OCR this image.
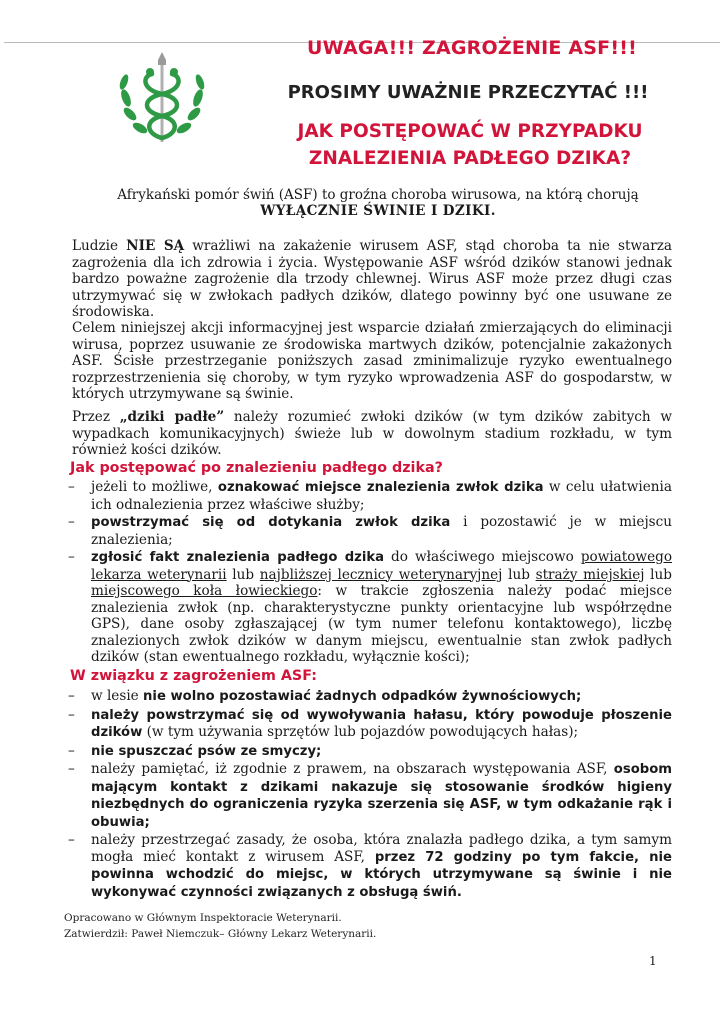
UWAGA!!! ZAGROŻENIE ASF!!!
PROSIMY UWAŻNIE PRZECZYTAĆ !!!
JAK POSTĘPOWAĆ W PRZYPADKU
ZNALEZIENIA PADŁEGO DZIKA?
Afrykański pomór świń (ASF) to groźna choroba wirusowa, na którą chorują
WYŁĄCZNIE ŚWINIE I DZIKI.
Ludzie NIE SĄ wrażliwi na zakażenie wirusem ASF, stąd choroba ta nie stwarza zagrożenia dla ich zdrowia i życia. Występowanie ASF wśród dzików stanowi jednak bardzo poważne zagrożenie dla trzody chlewnej. Wirus ASF może przez długi czas utrzymywać się w zwłokach padłych dzików, dlatego powinny być one usuwane ze środowiska.
Celem niniejszej akcji informacyjnej jest wsparcie działań zmierzających do eliminacji wirusa, poprzez usuwanie ze środowiska martwych dzików, potencjalnie zakażonych ASF. Ścisłe przestrzeganie poniższych zasad zminimalizuje ryzyko ewentualnego rozprzestrzenienia się choroby, w tym ryzyko wprowadzenia ASF do gospodarstw, w których utrzymywane są świnie.
Przez „dziki padłe” należy rozumieć zwłoki dzików (w tym dzików zabitych w wypadkach komunikacyjnych) świeże lub w dowolnym stadium rozkładu, w tym również kości dzików.
Jak postępować po znalezieniu padłego dzika?
– jeżeli to możliwe, oznakować miejsce znalezienia zwłok dzika w celu ułatwienia ich odnalezienia przez właściwe służby;
– powstrzymać się od dotykania zwłok dzika i pozostawić je w miejscu znalezienia;
– zgłosić fakt znalezienia padłego dzika do właściwego miejscowo powiatowego lekarza weterynarii lub najbliższej lecznicy weterynaryjnej lub straży miejskiej lub miejscowego koła łowieckiego: w trakcie zgłoszenia należy podać miejsce znalezienia zwłok (np. charakterystyczne punkty orientacyjne lub współrzędne GPS), dane osoby zgłaszającej (w tym numer telefonu kontaktowego), liczbę znalezionych zwłok dzików w danym miejscu, ewentualnie stan zwłok padłych dzików (stan ewentualnego rozkładu, wyłącznie kości);
W związku z zagrożeniem ASF:
– w lesie nie wolno pozostawiać żadnych odpadków żywnościowych;
– należy powstrzymać się od wywoływania hałasu, który powoduje płoszenie dzików (w tym używania sprzętów lub pojazdów powodujących hałas);
– nie spuszczać psów ze smyczy;
– należy pamiętać, iż zgodnie z prawem, na obszarach występowania ASF, osobom mającym kontakt z dzikami nakazuje się stosowanie środków higieny niezbędnych do ograniczenia ryzyka szerzenia się ASF, w tym odkażanie rąk i obuwia;
– należy przestrzegać zasady, że osoba, która znalazła padłego dzika, a tym samym mogła mieć kontakt z wirusem ASF, przez 72 godziny po tym fakcie, nie powinna wchodzić do miejsc, w których utrzymywane są świnie i nie wykonywać czynności związanych z obsługą świń.
Opracowano w Głównym Inspektoracie Weterynarii.
Zatwierdził: Paweł Niemczuk– Główny Lekarz Weterynarii.
1
